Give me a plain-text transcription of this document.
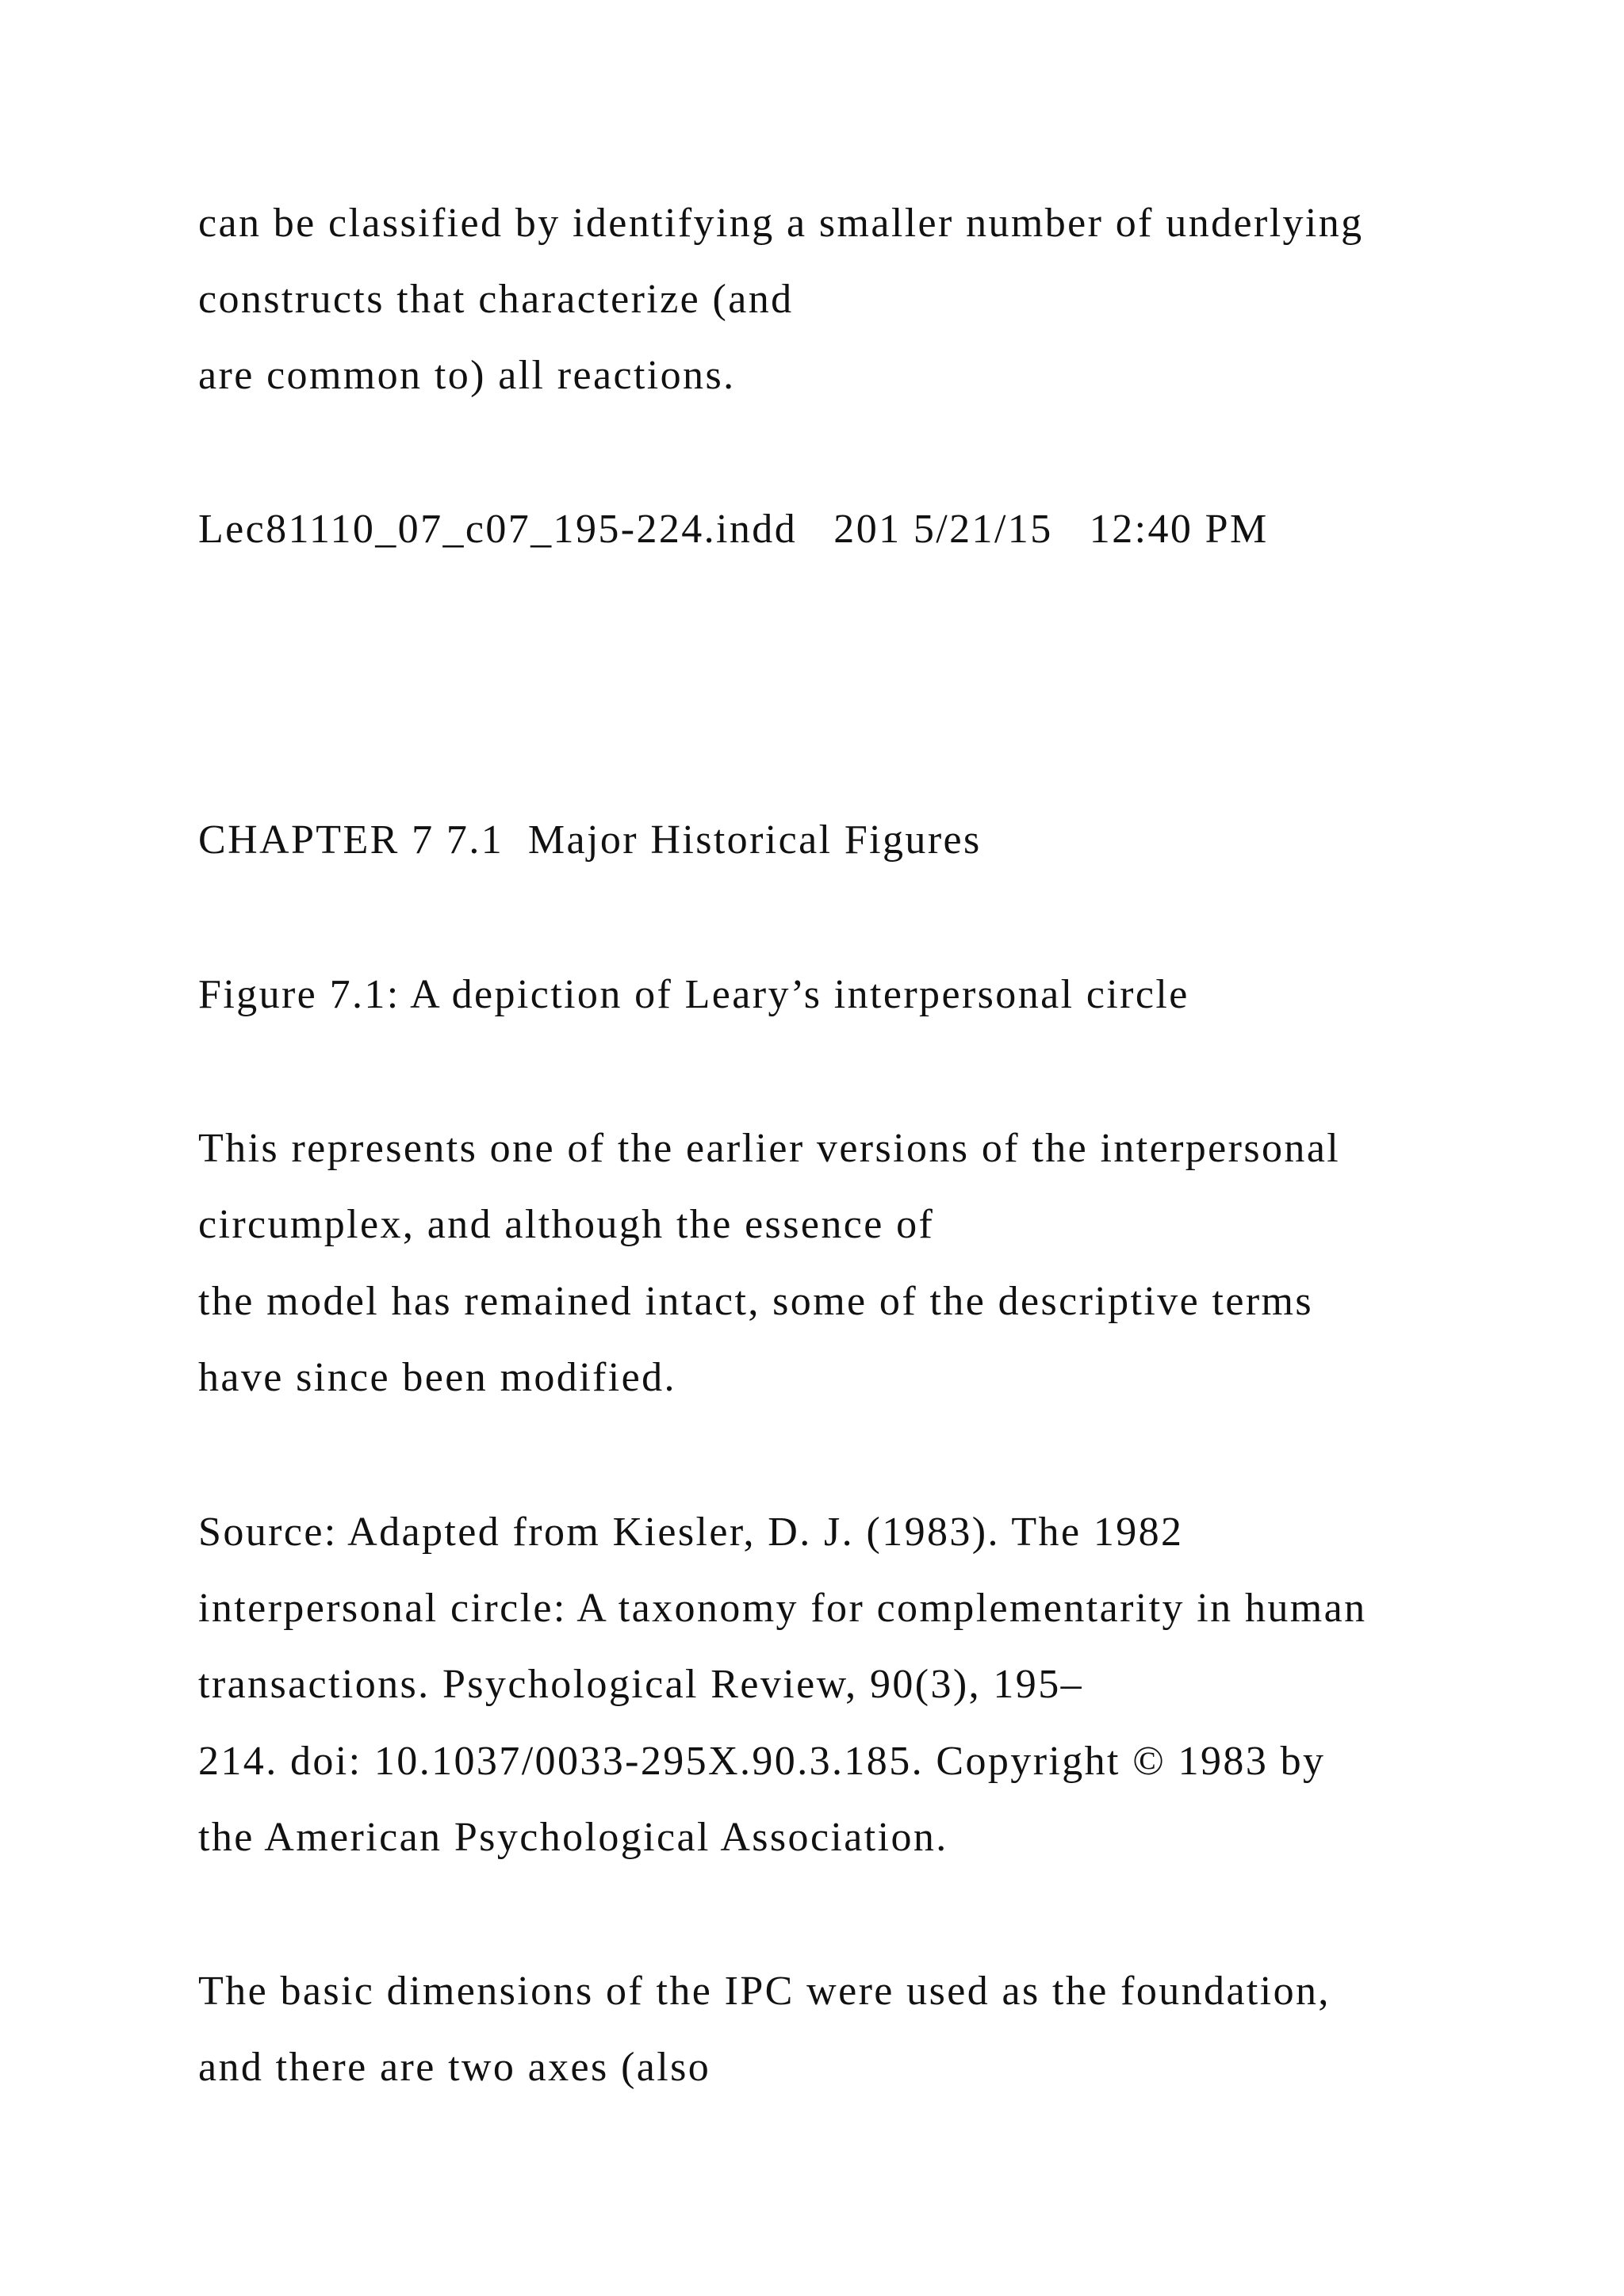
can be classified by identifying a smaller number of underlying

constructs that characterize (and

are common to) all reactions.

Lec81110_07_c07_195-224.indd   201 5/21/15   12:40 PM

CHAPTER 7 7.1  Major Historical Figures

Figure 7.1: A depiction of Leary’s interpersonal circle

This represents one of the earlier versions of the interpersonal

circumplex, and although the essence of

the model has remained intact, some of the descriptive terms

have since been modified.

Source: Adapted from Kiesler, D. J. (1983). The 1982

interpersonal circle: A taxonomy for complementarity in human

transactions. Psychological Review, 90(3), 195–

214. doi: 10.1037/0033-295X.90.3.185. Copyright © 1983 by

the American Psychological Association.

The basic dimensions of the IPC were used as the foundation,

and there are two axes (also
